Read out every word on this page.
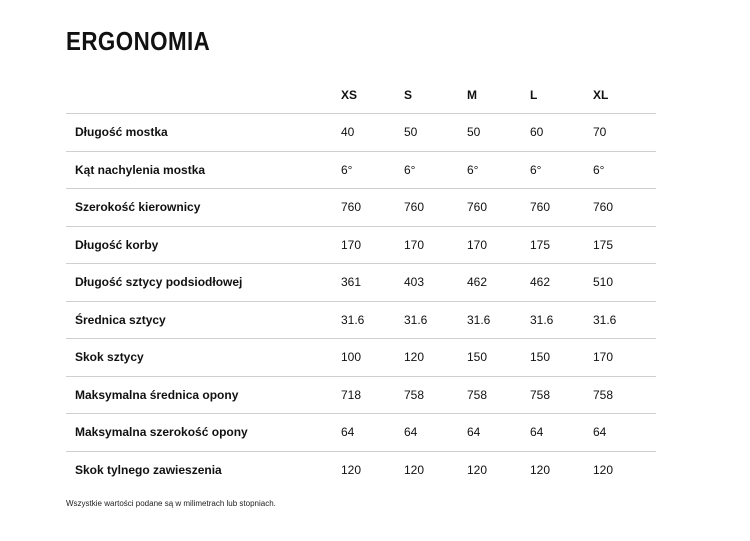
ERGONOMIA
	XS	S	M	L	XL
Długość mostka	40	50	50	60	70
Kąt nachylenia mostka	6°	6°	6°	6°	6°
Szerokość kierownicy	760	760	760	760	760
Długość korby	170	170	170	175	175
Długość sztycy podsiodłowej	361	403	462	462	510
Średnica sztycy	31.6	31.6	31.6	31.6	31.6
Skok sztycy	100	120	150	150	170
Maksymalna średnica opony	718	758	758	758	758
Maksymalna szerokość opony	64	64	64	64	64
Skok tylnego zawieszenia	120	120	120	120	120

Wszystkie wartości podane są w milimetrach lub stopniach.
